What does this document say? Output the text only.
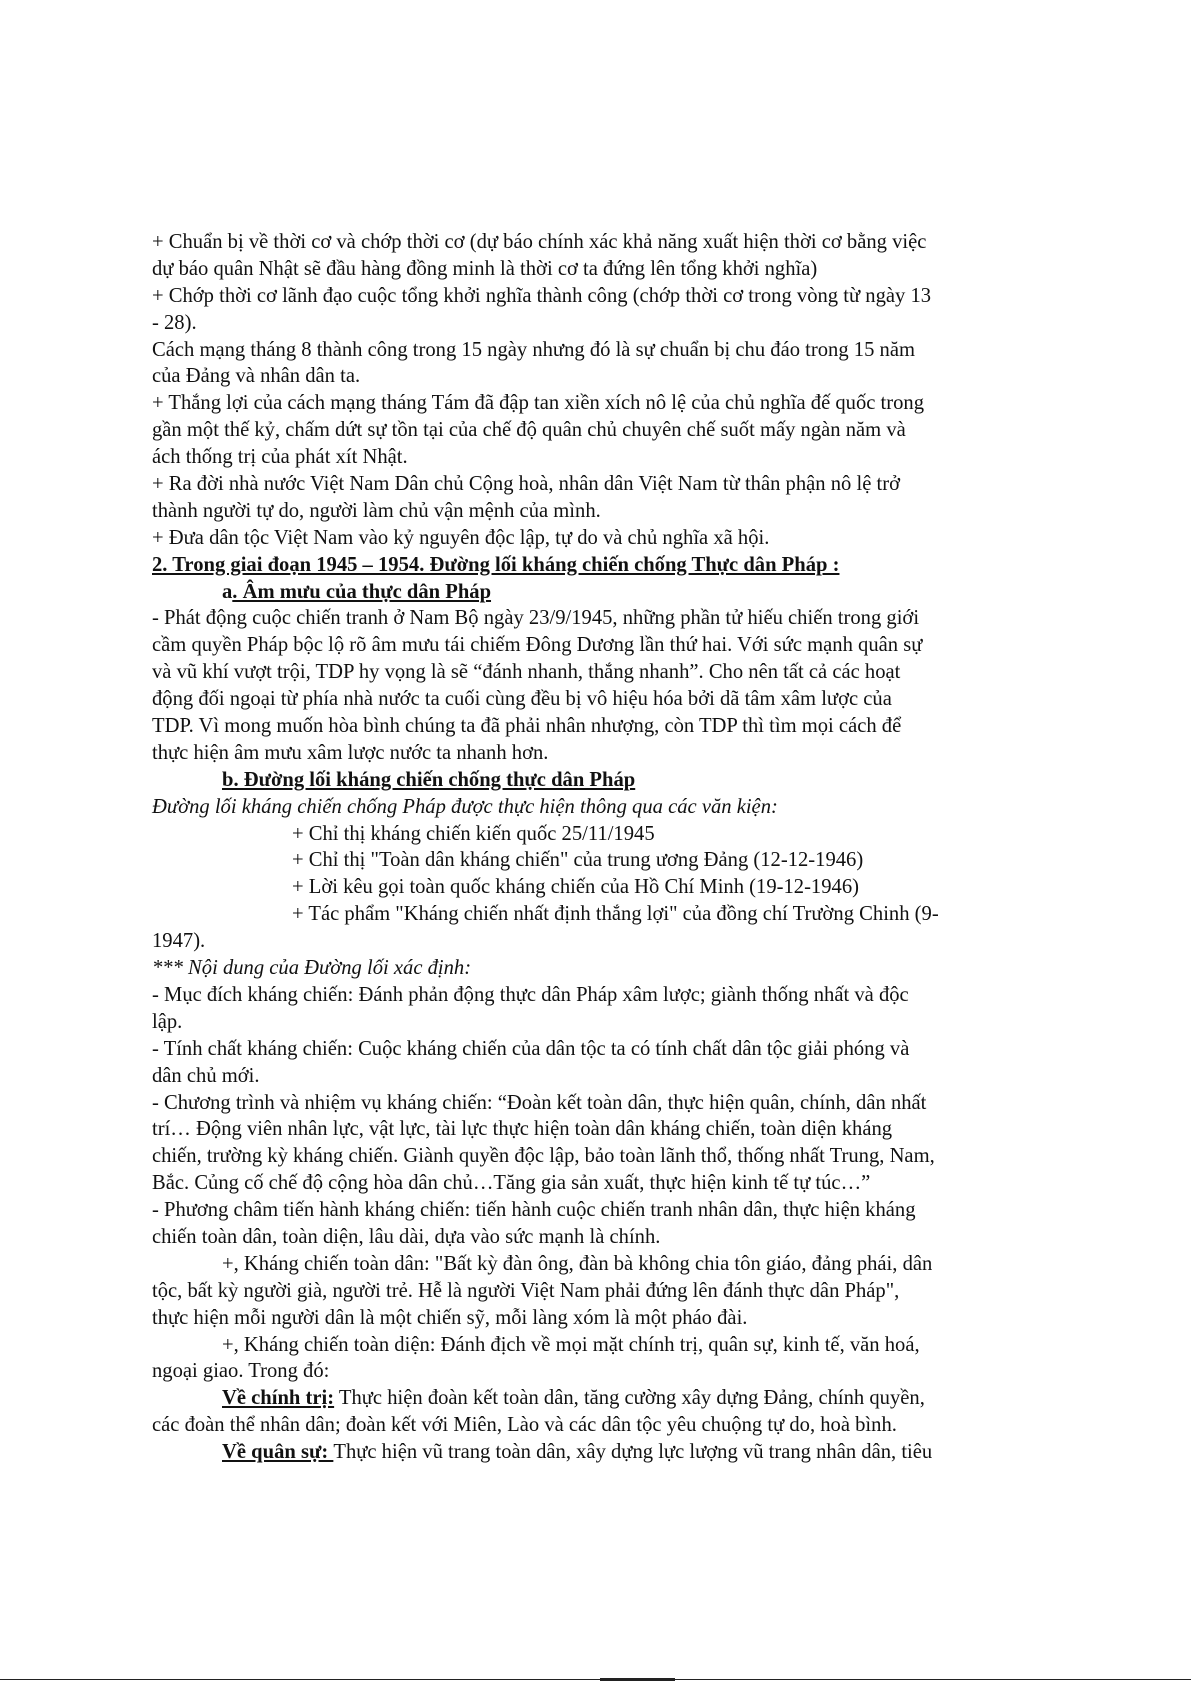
+ Chuẩn bị về thời cơ và chớp thời cơ (dự báo chính xác khả năng xuất hiện thời cơ bằng việc
dự báo quân Nhật sẽ đầu hàng đồng minh là thời cơ ta đứng lên tổng khởi nghĩa)
+ Chớp thời cơ lãnh đạo cuộc tổng khởi nghĩa thành công (chớp thời cơ trong vòng từ ngày 13
- 28).
Cách mạng tháng 8 thành công trong 15 ngày nhưng đó là sự chuẩn bị chu đáo trong 15 năm
của Đảng và nhân dân ta.
+ Thắng lợi của cách mạng tháng Tám đã đập tan xiền xích nô lệ của chủ nghĩa đế quốc trong
gần một thế kỷ, chấm dứt sự tồn tại của chế độ quân chủ chuyên chế suốt mấy ngàn năm và
ách thống trị của phát xít Nhật.
+ Ra đời nhà nước Việt Nam Dân chủ Cộng hoà, nhân dân Việt Nam từ thân phận nô lệ trở
thành người tự do, người làm chủ vận mệnh của mình.
+ Đưa dân tộc Việt Nam vào kỷ nguyên độc lập, tự do và chủ nghĩa xã hội.
2. Trong giai đoạn 1945 – 1954. Đường lối kháng chiến chống Thực dân Pháp :
a. Âm mưu của thực dân Pháp
- Phát động cuộc chiến tranh ở Nam Bộ ngày 23/9/1945, những phần tử hiếu chiến trong giới
cầm quyền Pháp bộc lộ rõ âm mưu tái chiếm Đông Dương lần thứ hai. Với sức mạnh quân sự
và vũ khí vượt trội, TDP hy vọng là sẽ “đánh nhanh, thắng nhanh”. Cho nên tất cả các hoạt
động đối ngoại từ phía nhà nước ta cuối cùng đều bị vô hiệu hóa bởi dã tâm xâm lược của
TDP. Vì mong muốn hòa bình chúng ta đã phải nhân nhượng, còn TDP thì tìm mọi cách để
thực hiện âm mưu xâm lược nước ta nhanh hơn.
b. Đường lối kháng chiến chống thực dân Pháp
Đường lối kháng chiến chống Pháp được thực hiện thông qua các văn kiện:
+ Chỉ thị kháng chiến kiến quốc 25/11/1945
+ Chỉ thị "Toàn dân kháng chiến" của trung ương Đảng (12-12-1946)
+ Lời kêu gọi toàn quốc kháng chiến của Hồ Chí Minh (19-12-1946)
+ Tác phẩm "Kháng chiến nhất định thắng lợi" của đồng chí Trường Chinh (9-
1947).
*** Nội dung của Đường lối xác định:
- Mục đích kháng chiến: Đánh phản động thực dân Pháp xâm lược; giành thống nhất và độc
lập.
- Tính chất kháng chiến: Cuộc kháng chiến của dân tộc ta có tính chất dân tộc giải phóng và
dân chủ mới.
- Chương trình và nhiệm vụ kháng chiến: “Đoàn kết toàn dân, thực hiện quân, chính, dân nhất
trí… Động viên nhân lực, vật lực, tài lực thực hiện toàn dân kháng chiến, toàn diện kháng
chiến, trường kỳ kháng chiến. Giành quyền độc lập, bảo toàn lãnh thổ, thống nhất Trung, Nam,
Bắc. Củng cố chế độ cộng hòa dân chủ…Tăng gia sản xuất, thực hiện kinh tế tự túc…”
- Phương châm tiến hành kháng chiến: tiến hành cuộc chiến tranh nhân dân, thực hiện kháng
chiến toàn dân, toàn diện, lâu dài, dựa vào sức mạnh là chính.
+, Kháng chiến toàn dân: "Bất kỳ đàn ông, đàn bà không chia tôn giáo, đảng phái, dân
tộc, bất kỳ người già, người trẻ. Hễ là người Việt Nam phải đứng lên đánh thực dân Pháp",
thực hiện mỗi người dân là một chiến sỹ, mỗi làng xóm là một pháo đài.
+, Kháng chiến toàn diện: Đánh địch về mọi mặt chính trị, quân sự, kinh tế, văn hoá,
ngoại giao. Trong đó:
Về chính trị: Thực hiện đoàn kết toàn dân, tăng cường xây dựng Đảng, chính quyền,
các đoàn thể nhân dân; đoàn kết với Miên, Lào và các dân tộc yêu chuộng tự do, hoà bình.
Về quân sự: Thực hiện vũ trang toàn dân, xây dựng lực lượng vũ trang nhân dân, tiêu
